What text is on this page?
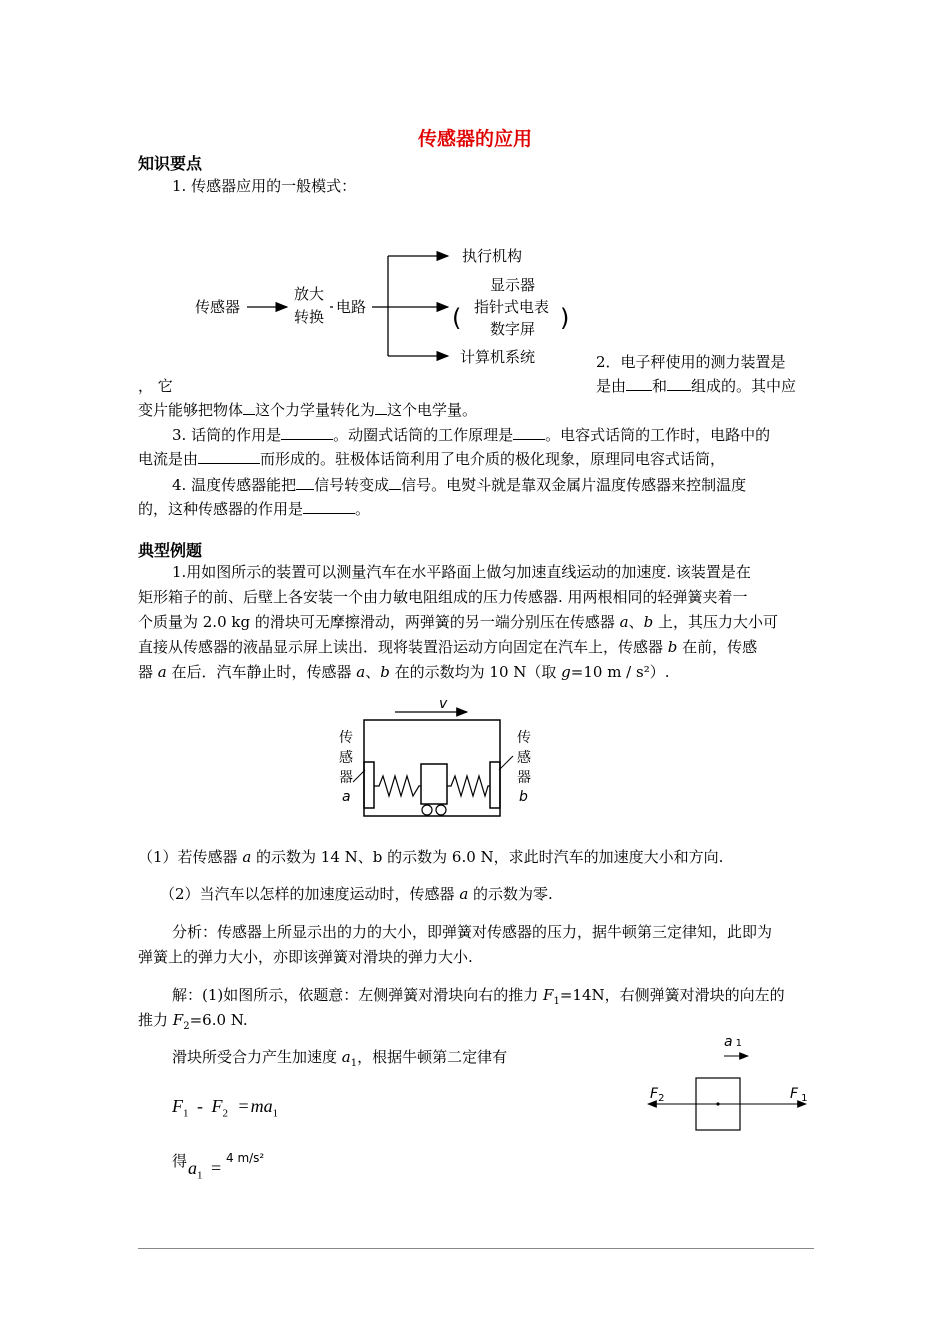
传感器的应用
知识要点
1. 传感器应用的一般模式：
传感器
放大
转换
电路
执行机构
显示器
( 指针式电表
数字屏 )
计算机系统	2．电子秤使用的测力装置是
， 它	是由 和 组成的。其中应
变片能够把物体 这个力学量转化为 这个电学量。
3. 话筒的作用是	。动圈式话筒的工作原理是 。电容式话筒的工作时，电路中的
电流是由	而形成的。驻极体话筒利用了电介质的极化现象，原理同电容式话筒，
4. 温度传感器能把 信号转变成 信号。电熨斗就是靠双金属片温度传感器来控制温度
的，这种传感器的作用是	。
典型例题
1.用如图所示的装置可以测量汽车在水平路面上做匀加速直线运动的加速度. 该装置是在
矩形箱子的前、后壁上各安装一个由力敏电阻组成的压力传感器. 用两根相同的轻弹簧夹着一
个质量为 2.0 kg 的滑块可无摩擦滑动，两弹簧的另一端分别压在传感器 a、b 上，其压力大小可
直接从传感器的液晶显示屏上读出．现将装置沿运动方向固定在汽车上，传感器 b 在前，传感
器 a 在后．汽车静止时，传感器 a、b 在的示数均为 10 N（取 g=10 m / s²）.
v
传
感
器
a
传
感
器
b
（1）若传感器 a 的示数为 14 N、b 的示数为 6.0 N，求此时汽车的加速度大小和方向.
（2）当汽车以怎样的加速度运动时，传感器 a 的示数为零.
分析：传感器上所显示出的力的大小，即弹簧对传感器的压力，据牛顿第三定律知，此即为
弹簧上的弹力大小，亦即该弹簧对滑块的弹力大小.
解：(1)如图所示，依题意：左侧弹簧对滑块向右的推力 $F_1=14N$，右侧弹簧对滑块的向左的
推力 $F_2=6.0$ N.
滑块所受合力产生加速度 $a_1$，根据牛顿第二定律有
$F_1 - F_2 = ma_1$
得 $a_1 = 4$ m/s²
a 1
$F_2$	F $_1$
